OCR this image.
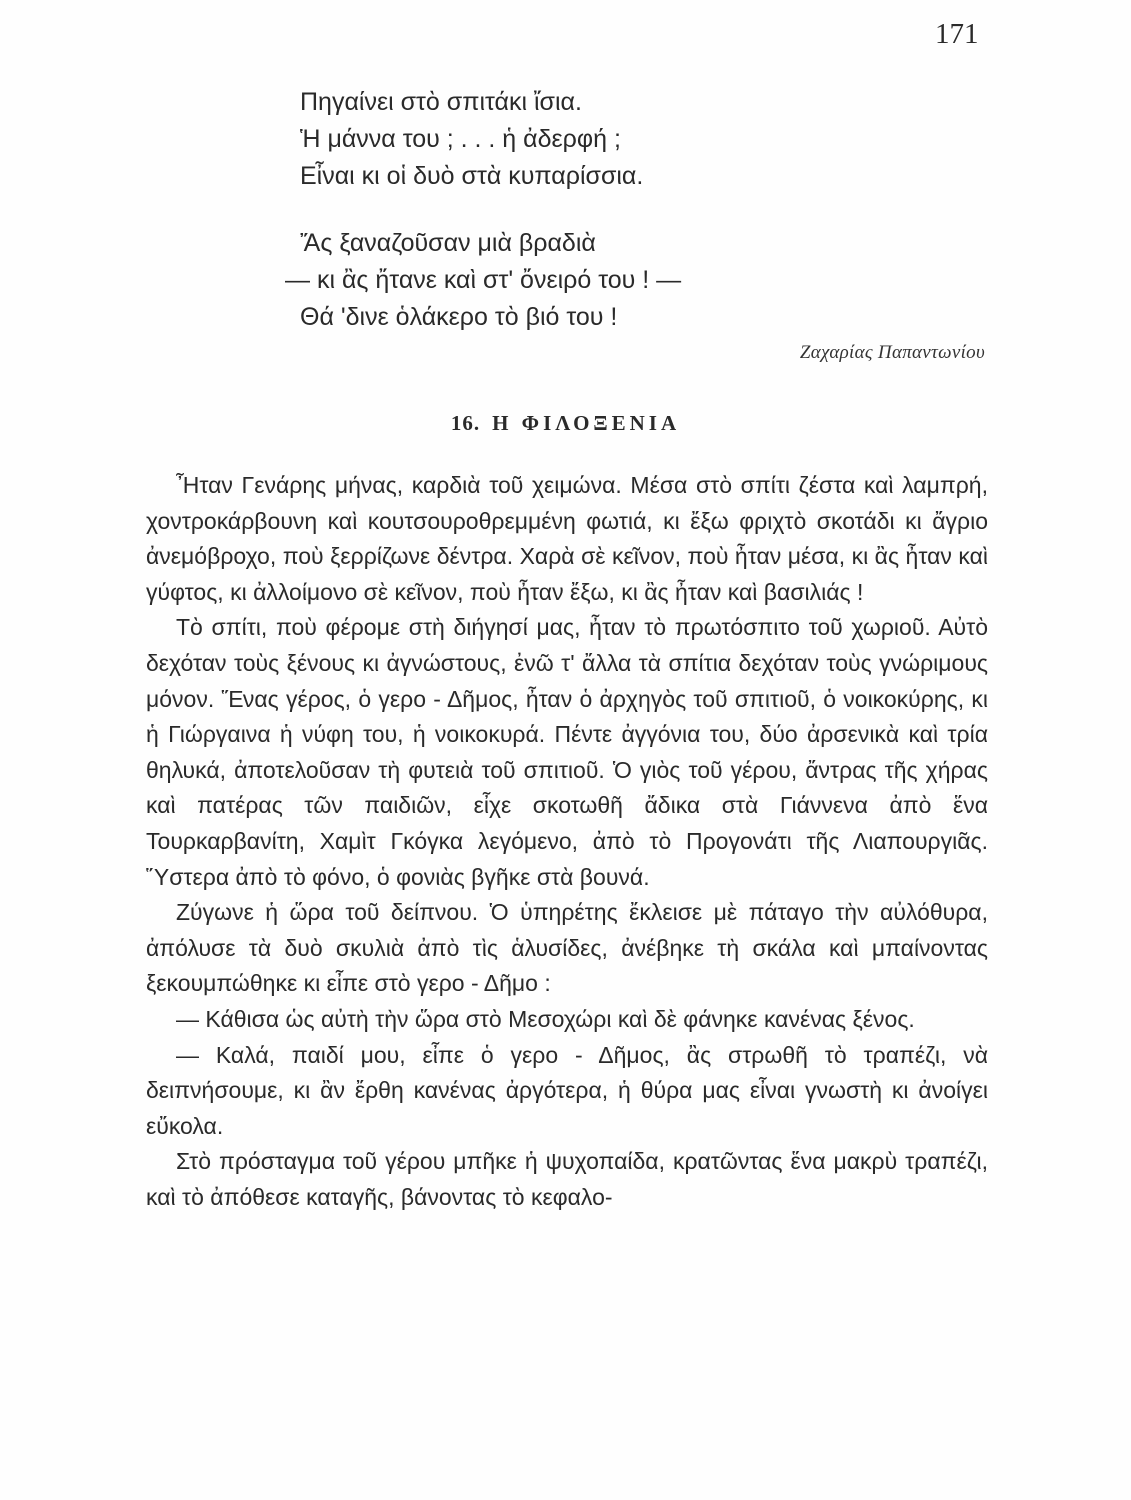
171
Πηγαίνει στὸ σπιτάκι ἴσια.
Ἡ μάννα του ; . . . ἡ ἀδερφή ;
Εἶναι κι οἱ δυὸ στὰ κυπαρίσσια.
Ἄς ξαναζοῦσαν μιὰ βραδιὰ
— κι ἂς ἤτανε καὶ στ' ὄνειρό του ! —
Θά 'δινε ὁλάκερο τὸ βιό του !
Ζαχαρίας Παπαντωνίου
16. Η ΦΙΛΟΞΕΝΙΑ

Ἦταν Γενάρης μήνας, καρδιὰ τοῦ χειμώνα. Μέσα στὸ σπίτι ζέστα καὶ λαμπρή, χοντροκάρβουνη καὶ κουτσουροθρεμμένη φωτιά, κι ἔξω φριχτὸ σκοτάδι κι ἄγριο ἀνεμόβροχο, ποὺ ξερρίζωνε δέντρα. Χαρὰ σὲ κεῖνον, ποὺ ἦταν μέσα, κι ἂς ἦταν καὶ γύφτος, κι ἀλλοίμονο σὲ κεῖνον, ποὺ ἦταν ἔξω, κι ἂς ἦταν καὶ βασιλιάς !

Τὸ σπίτι, ποὺ φέρομε στὴ διήγησί μας, ἦταν τὸ πρωτόσπιτο τοῦ χωριοῦ. Αὐτὸ δεχόταν τοὺς ξένους κι ἀγνώστους, ἐνῶ τ' ἄλλα τὰ σπίτια δεχόταν τοὺς γνώριμους μόνον. Ἕνας γέρος, ὁ γερο - Δῆμος, ἦταν ὁ ἀρχηγὸς τοῦ σπιτιοῦ, ὁ νοικοκύρης, κι ἡ Γιώργαινα ἡ νύφη του, ἡ νοικοκυρά. Πέντε ἀγγόνια του, δύο ἀρσενικὰ καὶ τρία θηλυκά, ἀποτελοῦσαν τὴ φυτειὰ τοῦ σπιτιοῦ. Ὁ γιὸς τοῦ γέρου, ἄντρας τῆς χήρας καὶ πατέρας τῶν παιδιῶν, εἶχε σκοτωθῆ ἄδικα στὰ Γιάννενα ἀπὸ ἕνα Τουρκαρβανίτη, Χαμὶτ Γκόγκα λεγόμενο, ἀπὸ τὸ Προγονάτι τῆς Λιαπουργιᾶς. Ὕστερα ἀπὸ τὸ φόνο, ὁ φονιὰς βγῆκε στὰ βουνά.

Ζύγωνε ἡ ὥρα τοῦ δείπνου. Ὁ ὑπηρέτης ἔκλεισε μὲ πάταγο τὴν αὐλόθυρα, ἀπόλυσε τὰ δυὸ σκυλιὰ ἀπὸ τὶς ἁλυσίδες, ἀνέβηκε τὴ σκάλα καὶ μπαίνοντας ξεκουμπώθηκε κι εἶπε στὸ γερο - Δῆμο :

— Κάθισα ὡς αὐτὴ τὴν ὥρα στὸ Μεσοχώρι καὶ δὲ φάνηκε κανένας ξένος.

— Καλά, παιδί μου, εἶπε ὁ γερο - Δῆμος, ἂς στρωθῆ τὸ τραπέζι, νὰ δειπνήσουμε, κι ἂν ἔρθη κανένας ἀργότερα, ἡ θύρα μας εἶναι γνωστὴ κι ἀνοίγει εὔκολα.

Στὸ πρόσταγμα τοῦ γέρου μπῆκε ἡ ψυχοπαίδα, κρατῶντας ἕνα μακρὺ τραπέζι, καὶ τὸ ἀπόθεσε καταγῆς, βάνοντας τὸ κεφαλο-
